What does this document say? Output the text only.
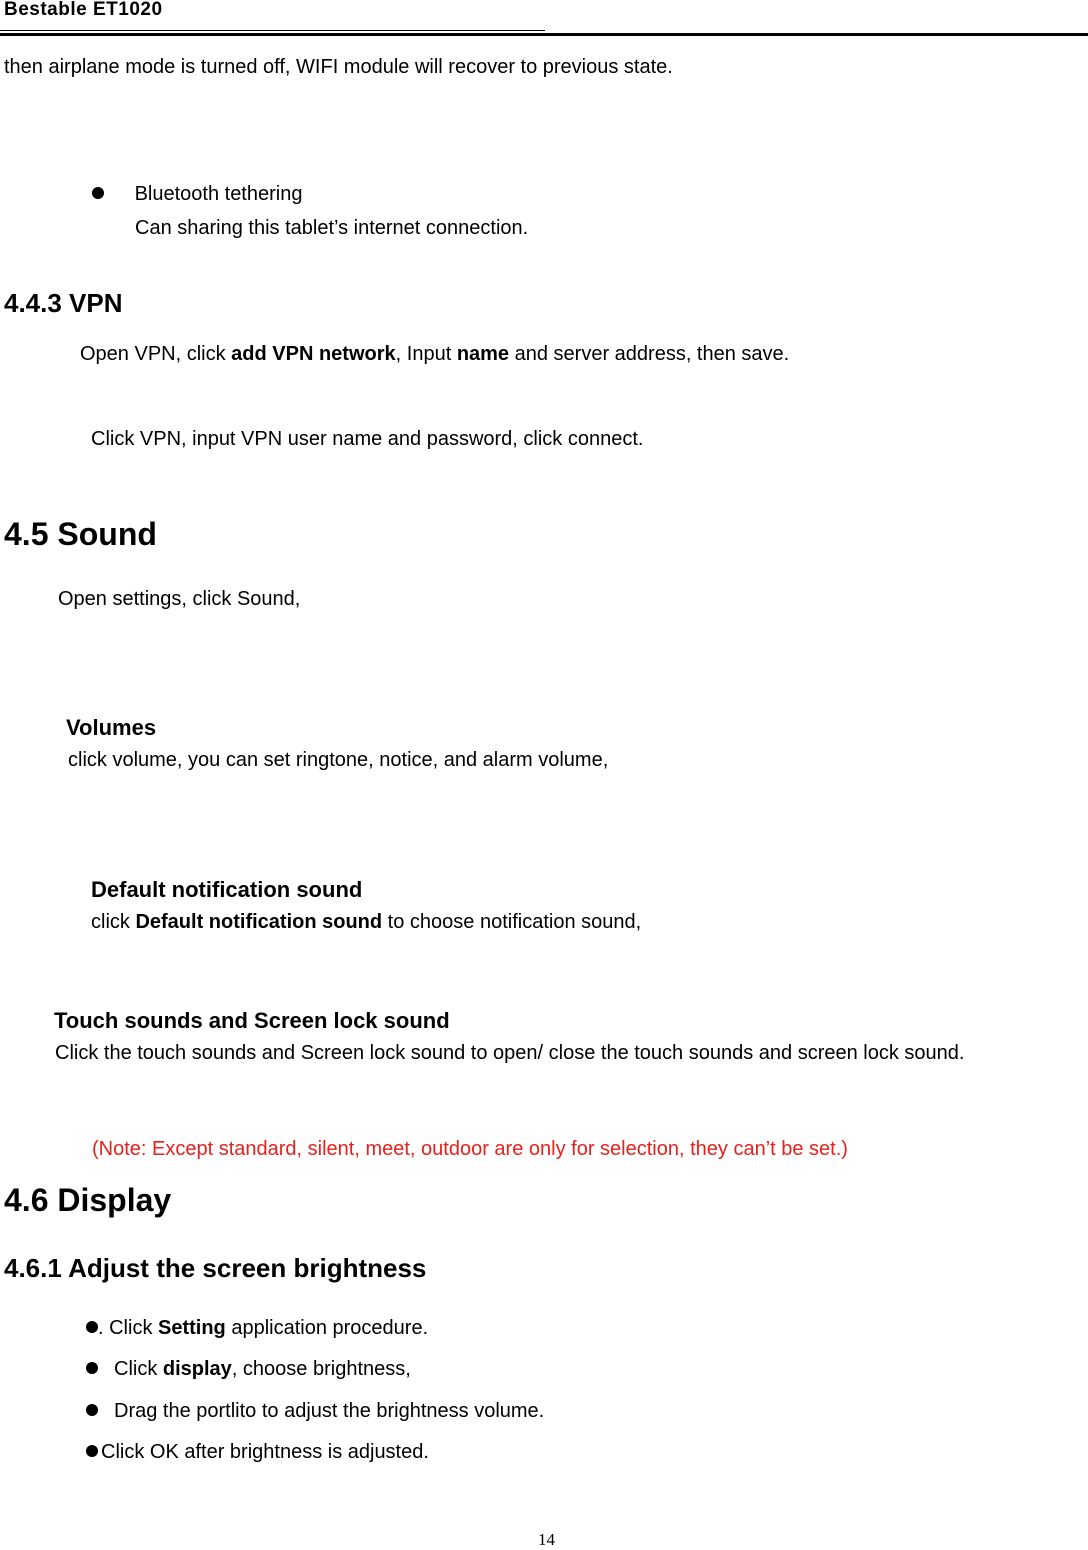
Bestable ET1020
then airplane mode is turned off, WIFI module will recover to previous state.
Bluetooth tethering
Can sharing this tablet’s internet connection.
4.4.3 VPN
Open VPN, click add VPN network, Input name and server address, then save.
Click VPN, input VPN user name and password, click connect.
4.5 Sound
Open settings, click Sound,
Volumes
click volume, you can set ringtone, notice, and alarm volume,
Default notification sound
click Default notification sound to choose notification sound,
Touch sounds and Screen lock sound
Click the touch sounds and Screen lock sound to open/ close the touch sounds and screen lock sound.
(Note: Except standard, silent, meet, outdoor are only for selection, they can’t be set.)
4.6 Display
4.6.1 Adjust the screen brightness
. Click Setting application procedure.
Click display, choose brightness,
Drag the portlito to adjust the brightness volume.
Click OK after brightness is adjusted.
14
